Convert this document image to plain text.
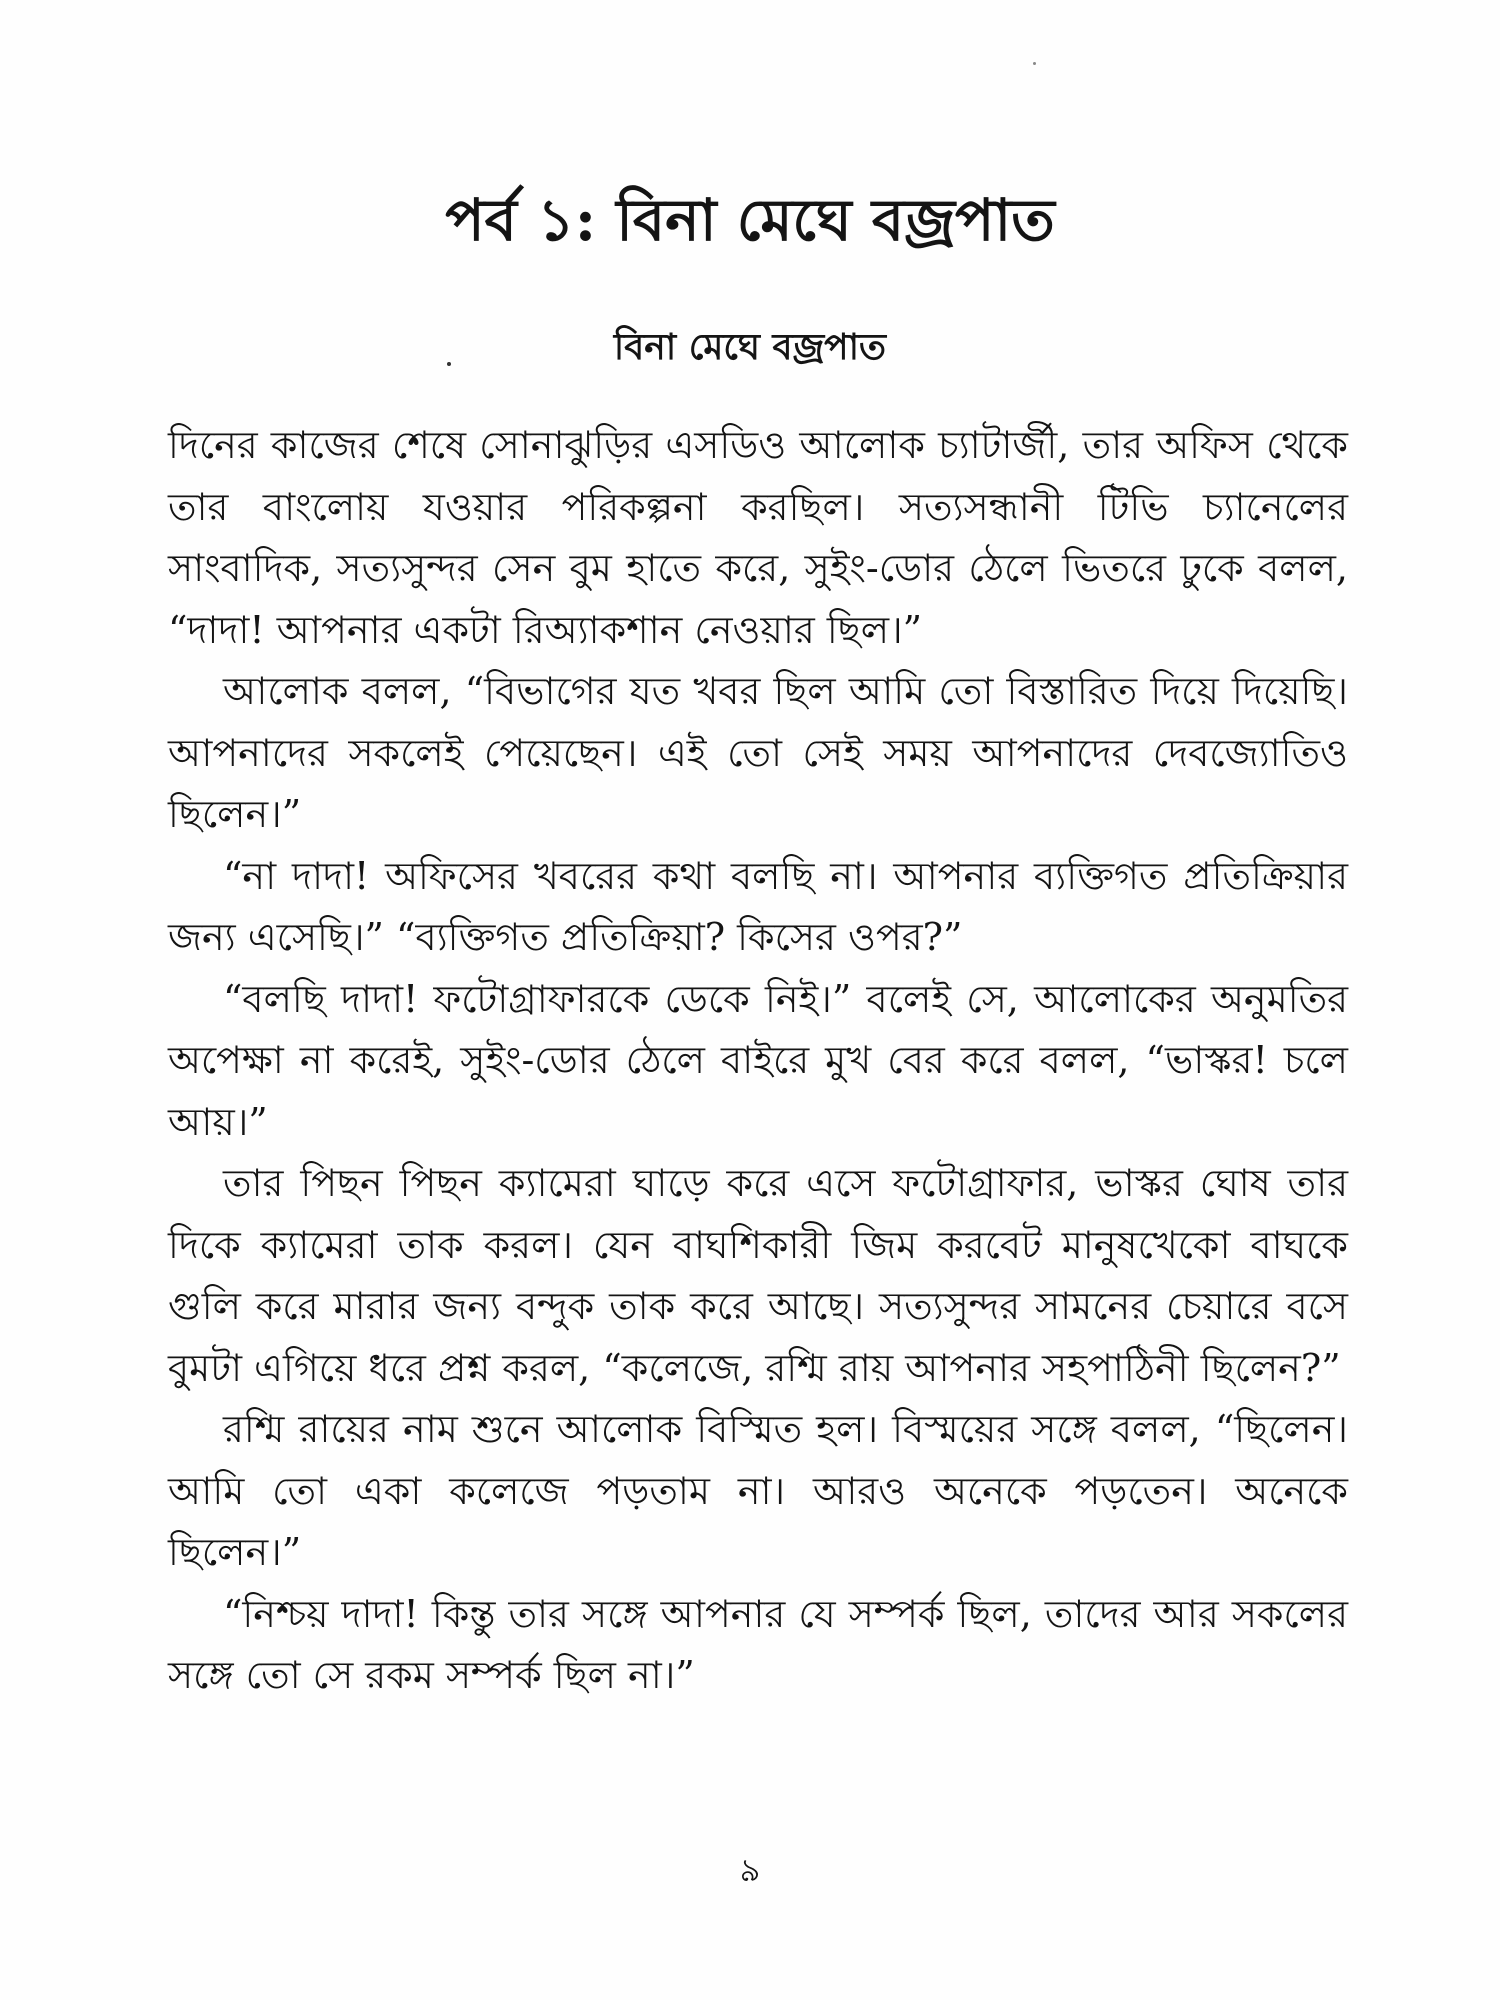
পর্ব ১: বিনা মেঘে বজ্রপাত
বিনা মেঘে বজ্রপাত

দিনের কাজের শেষে সোনাঝুড়ির এসডিও আলোক চ্যাটার্জী, তার অফিস থেকে তার বাংলোয় যওয়ার পরিকল্পনা করছিল। সত্যসন্ধানী টিভি চ্যানেলের সাংবাদিক, সত্যসুন্দর সেন বুম হাতে করে, সুইং-ডোর ঠেলে ভিতরে ঢুকে বলল, “দাদা! আপনার একটা রিঅ্যাকশান নেওয়ার ছিল।”

আলোক বলল, “বিভাগের যত খবর ছিল আমি তো বিস্তারিত দিয়ে দিয়েছি। আপনাদের সকলেই পেয়েছেন। এই তো সেই সময় আপনাদের দেবজ্যোতিও ছিলেন।”

“না দাদা! অফিসের খবরের কথা বলছি না। আপনার ব্যক্তিগত প্রতিক্রিয়ার জন্য এসেছি।” “ব্যক্তিগত প্রতিক্রিয়া? কিসের ওপর?”

“বলছি দাদা! ফটোগ্রাফারকে ডেকে নিই।” বলেই সে, আলোকের অনুমতির অপেক্ষা না করেই, সুইং-ডোর ঠেলে বাইরে মুখ বের করে বলল, “ভাস্কর! চলে আয়।”

তার পিছন পিছন ক্যামেরা ঘাড়ে করে এসে ফটোগ্রাফার, ভাস্কর ঘোষ তার দিকে ক্যামেরা তাক করল। যেন বাঘশিকারী জিম করবেট মানুষখেকো বাঘকে গুলি করে মারার জন্য বন্দুক তাক করে আছে। সত্যসুন্দর সামনের চেয়ারে বসে বুমটা এগিয়ে ধরে প্রশ্ন করল, “কলেজে, রশ্মি রায় আপনার সহপাঠিনী ছিলেন?”

রশ্মি রায়ের নাম শুনে আলোক বিস্মিত হল। বিস্ময়ের সঙ্গে বলল, “ছিলেন। আমি তো একা কলেজে পড়তাম না। আরও অনেকে পড়তেন। অনেকে ছিলেন।”

“নিশ্চয় দাদা! কিন্তু তার সঙ্গে আপনার যে সম্পর্ক ছিল, তাদের আর সকলের সঙ্গে তো সে রকম সম্পর্ক ছিল না।”

৯
